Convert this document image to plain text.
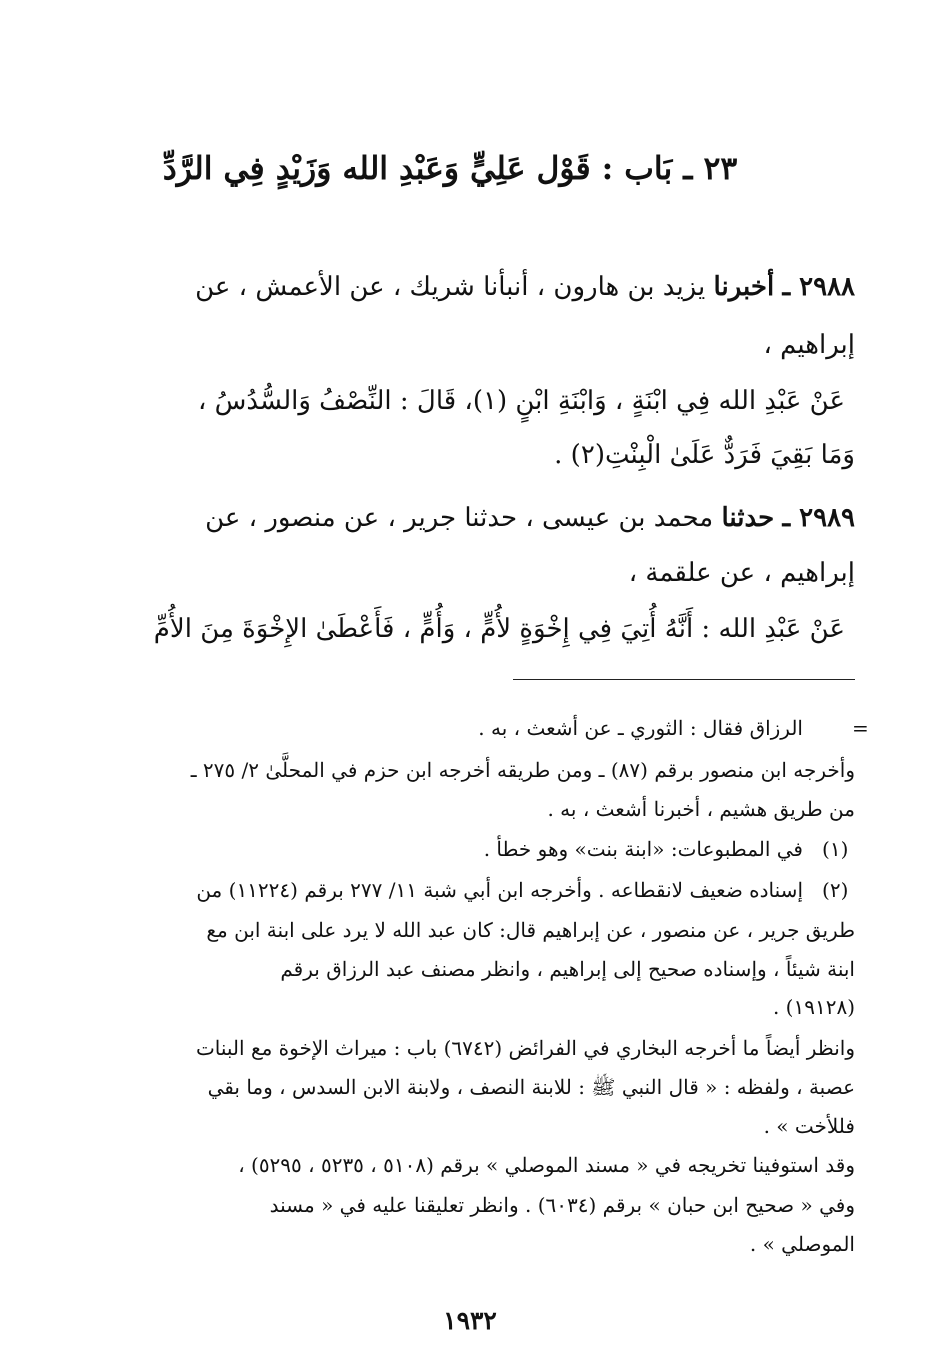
٢٣ ـ بَاب : قَوْل عَلِيٍّ وَعَبْدِ الله وَزَيْدٍ فِي الرَّدِّ
٢٩٨٨ ـ أخبرنا يزيد بن هارون ، أنبأنا شريك ، عن الأعمش ، عن
إبراهيم ،
عَنْ عَبْدِ الله فِي ابْنَةٍ ، وَابْنَةِ ابْنٍ (١)، قَالَ : النِّصْفُ وَالسُّدُسُ ،
وَمَا بَقِيَ فَرَدٌّ عَلَىٰ الْبِنْتِ(٢) .
٢٩٨٩ ـ حدثنا محمد بن عيسى ، حدثنا جرير ، عن منصور ، عن
إبراهيم ، عن علقمة ،
عَنْ عَبْدِ الله : أَنَّهُ أُتِيَ فِي إِخْوَةٍ لأُمٍّ ، وَأُمٍّ ، فَأَعْطَىٰ الإِخْوَةَ مِنَ الأُمِّ
=
الرزاق فقال : الثوري ـ عن أشعث ، به .
وأخرجه ابن منصور برقم (٨٧) ـ ومن طريقه أخرجه ابن حزم في المحلَّىٰ ٢/ ٢٧٥ ـ
من طريق هشيم ، أخبرنا أشعث ، به .
(١)
في المطبوعات: «ابنة بنت» وهو خطأ .
(٢)
إسناده ضعيف لانقطاعه . وأخرجه ابن أبي شبة ١١/ ٢٧٧ برقم (١١٢٢٤) من
طريق جرير ، عن منصور ، عن إبراهيم قال: كان عبد الله لا يرد على ابنة ابن مع
ابنة شيئاً ، وإسناده صحيح إلى إبراهيم ، وانظر مصنف عبد الرزاق برقم
(١٩١٢٨) .
وانظر أيضاً ما أخرجه البخاري في الفرائض (٦٧٤٢) باب : ميراث الإخوة مع البنات
عصبة ، ولفظه : « قال النبي ﷺ : للابنة النصف ، ولابنة الابن السدس ، وما بقي
فللأخت » .
وقد استوفينا تخريجه في « مسند الموصلي » برقم (٥١٠٨ ، ٥٢٣٥ ، ٥٢٩٥) ،
وفي « صحيح ابن حبان » برقم (٦٠٣٤) . وانظر تعليقنا عليه في « مسند
الموصلي » .
١٩٣٢
